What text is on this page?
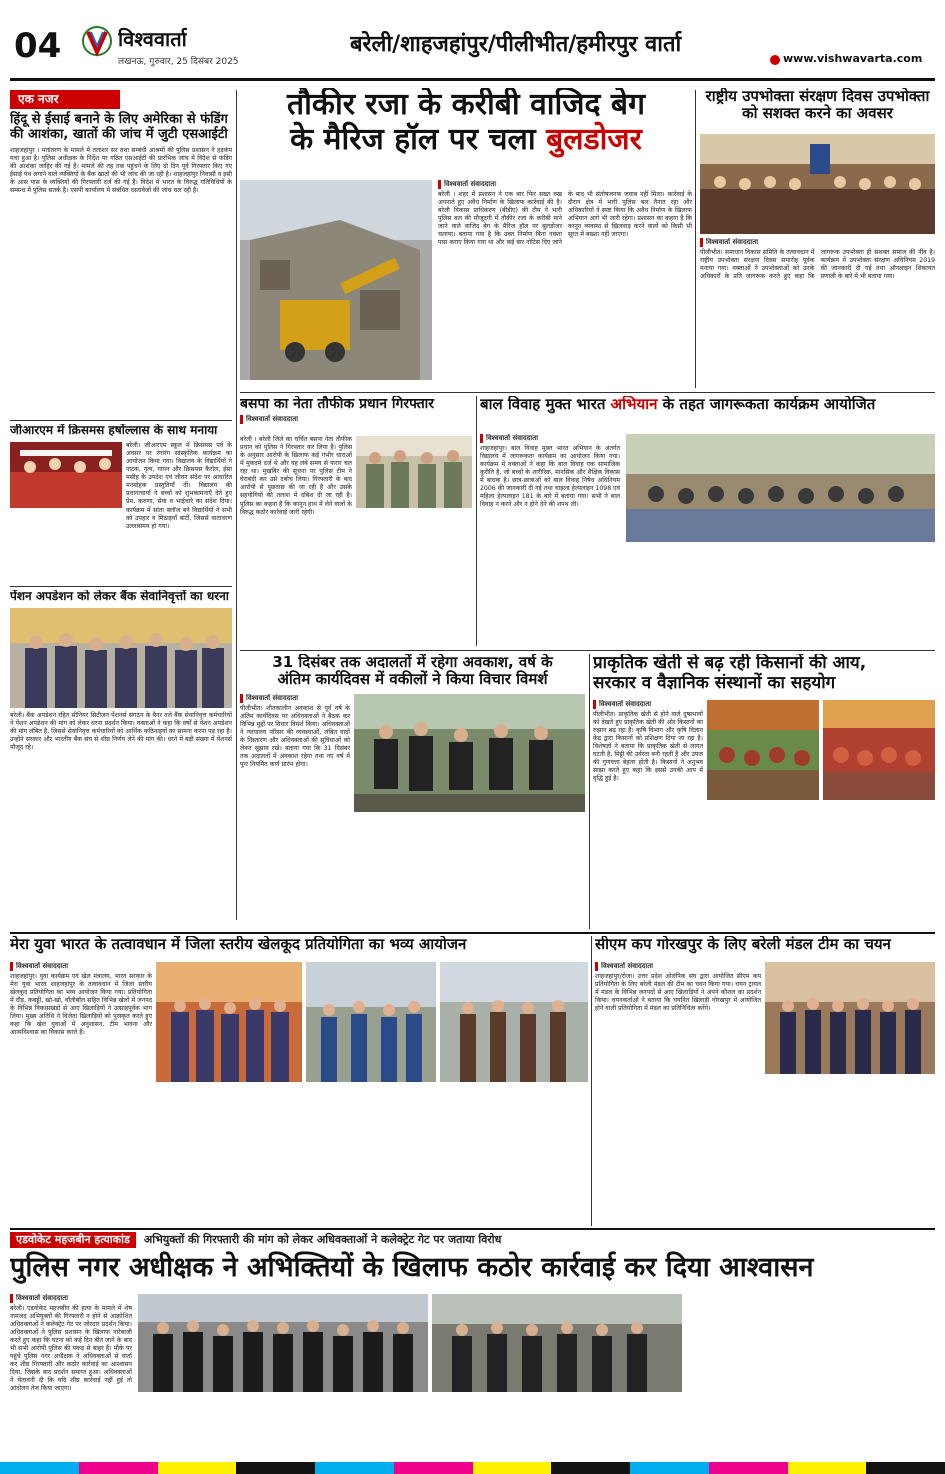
04	विश्ववार्ता
लखनऊ, गुरुवार, 25 दिसंबर 2025
बरेली/शाहजहांपुर/पीलीभीत/हमीरपुर वार्ता
www.vishwavarta.com
एक नजर
हिंदू से ईसाई बनाने के लिए अमेरिका से फंडिंग की आशंका, खातों की जांच में जुटी एसआईटी
शाहजहांपुर । मतांतरण के मामले में तलाशर सर तथा सम्बंधी आश्रमों की पुलिस प्रशासन ने हड़कंप मचा हुआ है। पुलिस अधीक्षक के निर्देश पर गठित एसआईटी की प्रारंभिक जांच में विदेश से फंडिंग की आशंका जाहिर की गई है। मामले की तह तक पहुंचने के लिए दो दिन पूर्व गिरफ्तार किए गए ईसाई पंथ लगाने वाले व्यक्तियों के बैंक खातों की भी जांच की जा रही है। शाहजहांपुर निवासी व इसी के आस पास के व्यक्तियों की गिरफ्तारी दर्ज की गई है। विदेश में भारत के विरुद्ध गतिविधियों के सम्बन्ध में पुलिस सतर्क है। एसपी कार्यालय में संबंधित दस्तावेजों की जांच चल रही है।
जीआरएम में क्रिसमस हर्षोल्लास के साथ मनाया
बरेली। जीआरएम स्कूल में क्रिसमस पर्व के अवसर पर रंगारंग सांस्कृतिक कार्यक्रम का आयोजन किया गया। विद्यालय के विद्यार्थियों ने नाटक, नृत्य, गायन और क्रिसमस कैरोल, ईसा मसीह के उपदेश एवं जीवन संदेश पर आधारित मनमोहक प्रस्तुतियाँ दीं। विद्यालय की प्रधानाचार्या ने बच्चों को शुभकामनाएँ देते हुए प्रेम, करुणा, सेवा व भाईचारे का संदेश दिया। कार्यक्रम में सांता क्लॉज बने विद्यार्थियों ने सभी को उपहार व मिठाइयाँ बांटीं, जिससे वातावरण उल्लासमय हो गया।
पेंशन अपडेशन को लेकर बैंक सेवानिवृत्तों का धरना
बरेली। बैंक अपडेशन रहित सीनियर सिटीजन पेंशनर्स संगठन के बैनर तले बैंक सेवानिवृत्त कर्मचारियों ने पेंशन अपडेशन की मांग को लेकर धरना प्रदर्शन किया। वक्ताओं ने कहा कि वर्षों से पेंशन अपडेशन की मांग लंबित है, जिससे सेवानिवृत्त कर्मचारियों को आर्थिक कठिनाइयों का सामना करना पड़ रहा है। उन्होंने सरकार और भारतीय बैंक संघ से शीघ्र निर्णय लेने की मांग की। धरने में बड़ी संख्या में पेंशनर्स मौजूद रहे।
तौकीर रजा के करीबी वाजिद बेग
के मैरिज हॉल पर चला बुलडोजर
विश्ववार्ता संवाददाता
बरेली । शहर में प्रशासन ने एक बार फिर सख्त रुख अपनाते हुए अवैध निर्माण के खिलाफ कार्रवाई की है। बरेली विकास प्राधिकरण (बीडीए) की टीम ने भारी पुलिस बल की मौजूदगी में तौकीर रजा के करीबी माने जाने वाले वाजिद बेग के मैरिज हॉल पर बुलडोजर चलाया। बताया गया है कि उक्त निर्माण बिना नक्शा पास कराए किया गया था और कई बार नोटिस दिए जाने के बाद भी संतोषजनक जवाब नहीं मिला। कार्रवाई के दौरान क्षेत्र में भारी पुलिस बल तैनात रहा और अधिकारियों ने स्पष्ट किया कि अवैध निर्माण के खिलाफ अभियान आगे भी जारी रहेगा। प्रशासन का कहना है कि कानून व्यवस्था से खिलवाड़ करने वालों को किसी भी सूरत में बख्शा नहीं जाएगा।
राष्ट्रीय उपभोक्ता संरक्षण दिवस उपभोक्ता को सशक्त करने का अवसर
विश्ववार्ता संवाददाता
पीलीभीत। समाधान विकास समिति के तत्वावधान में राष्ट्रीय उपभोक्ता संरक्षण दिवस समारोह पूर्वक मनाया गया। वक्ताओं ने उपभोक्ताओं को उनके अधिकारों के प्रति जागरूक करते हुए कहा कि जागरूक उपभोक्ता ही सशक्त समाज की नींव है। कार्यक्रम में उपभोक्ता संरक्षण अधिनियम 2019 की जानकारी दी गई तथा ऑनलाइन शिकायत प्रणाली के बारे में भी बताया गया।
बसपा का नेता तौफीक प्रधान गिरफ्तार
विश्ववार्ता संवाददाता
बरेली । बरेली जिले का चर्चित बसपा नेता तौफीक प्रधान को पुलिस ने गिरफ्तार कर लिया है। पुलिस के अनुसार आरोपी के खिलाफ कई गंभीर धाराओं में मुकदमे दर्ज थे और वह लंबे समय से फरार चल रहा था। मुखबिर की सूचना पर पुलिस टीम ने घेराबंदी कर उसे दबोच लिया। गिरफ्तारी के बाद आरोपी से पूछताछ की जा रही है और उसके सहयोगियों की तलाश में दबिश दी जा रही है। पुलिस का कहना है कि कानून हाथ में लेने वालों के विरुद्ध कठोर कार्रवाई जारी रहेगी।
बाल विवाह मुक्त भारत अभियान के तहत जागरूकता कार्यक्रम आयोजित
विश्ववार्ता संवाददाता
शाहजहांपुर। बाल विवाह मुक्त भारत अभियान के अंतर्गत विद्यालय में जागरूकता कार्यक्रम का आयोजन किया गया। कार्यक्रम में वक्ताओं ने कहा कि बाल विवाह एक सामाजिक कुरीति है, जो बच्चों के शारीरिक, मानसिक और शैक्षिक विकास में बाधक है। छात्र-छात्राओं को बाल विवाह निषेध अधिनियम 2006 की जानकारी दी गई तथा चाइल्ड हेल्पलाइन 1098 एवं महिला हेल्पलाइन 181 के बारे में बताया गया। सभी ने बाल विवाह न करने और न होने देने की शपथ ली।
31 दिसंबर तक अदालतों में रहेगा अवकाश, वर्ष के
अंतिम कार्यदिवस में वकीलों ने किया विचार विमर्श
विश्ववार्ता संवाददाता
पीलीभीत। शीतकालीन अवकाश से पूर्व वर्ष के अंतिम कार्यदिवस पर अधिवक्ताओं ने बैठक कर विभिन्न मुद्दों पर विचार विमर्श किया। अधिवक्ताओं ने न्यायालय परिसर की व्यवस्थाओं, लंबित वादों के निस्तारण और अधिवक्ताओं की सुविधाओं को लेकर सुझाव रखे। बताया गया कि 31 दिसंबर तक अदालतों में अवकाश रहेगा तथा नए वर्ष में पुनः नियमित कार्य प्रारंभ होगा।
प्राकृतिक खेती से बढ़ रही किसानों की आय,
सरकार व वैज्ञानिक संस्थानों का सहयोग
विश्ववार्ता संवाददाता
पीलीभीत। प्राकृतिक खेती से होने वाले दुष्प्रभावों को देखते हुए प्राकृतिक खेती की ओर किसानों का रुझान बढ़ रहा है। कृषि विभाग और कृषि विज्ञान केंद्र द्वारा किसानों को प्रशिक्षण दिया जा रहा है। विशेषज्ञों ने बताया कि प्राकृतिक खेती से लागत घटती है, मिट्टी की उर्वरता बनी रहती है और उपज की गुणवत्ता बेहतर होती है। किसानों ने अनुभव साझा करते हुए कहा कि इससे उनकी आय में वृद्धि हुई है।
मेरा युवा भारत के तत्वावधान में जिला स्तरीय खेलकूद प्रतियोगिता का भव्य आयोजन
विश्ववार्ता संवाददाता
शाहजहांपुर। युवा कार्यक्रम एवं खेल मंत्रालय, भारत सरकार के मेरा युवा भारत शाहजहांपुर के तत्वावधान में जिला स्तरीय खेलकूद प्रतियोगिता का भव्य आयोजन किया गया। प्रतियोगिता में दौड़, कबड्डी, खो-खो, वॉलीबॉल सहित विभिन्न खेलों में जनपद के विभिन्न विकासखंडों से आए खिलाड़ियों ने उत्साहपूर्वक भाग लिया। मुख्य अतिथि ने विजेता खिलाड़ियों को पुरस्कृत करते हुए कहा कि खेल युवाओं में अनुशासन, टीम भावना और आत्मविश्वास का विकास करते हैं।
सीएम कप गोरखपुर के लिए बरेली मंडल टीम का चयन
विश्ववार्ता संवाददाता
शाहजहांपुर/रोजा। उत्तर प्रदेश ओलंपिक संघ द्वारा आयोजित सीएम कप प्रतियोगिता के लिए बरेली मंडल की टीम का चयन किया गया। चयन ट्रायल में मंडल के विभिन्न जनपदों से आए खिलाड़ियों ने अपने कौशल का प्रदर्शन किया। चयनकर्ताओं ने बताया कि चयनित खिलाड़ी गोरखपुर में आयोजित होने वाली प्रतियोगिता में मंडल का प्रतिनिधित्व करेंगे।
एडवोकेट महजबीन हत्याकांड	अभियुक्तों की गिरफ्तारी की मांग को लेकर अधिवक्ताओं ने कलेक्ट्रेट गेट पर जताया विरोध
पुलिस नगर अधीक्षक ने अभिक्तियों के खिलाफ कठोर कार्रवाई कर दिया आश्वासन
विश्ववार्ता संवाददाता
बरेली। एडवोकेट महजबीन की हत्या के मामले में शेष नामजद अभियुक्तों की गिरफ्तारी न होने से आक्रोशित अधिवक्ताओं ने कलेक्ट्रेट गेट पर जोरदार प्रदर्शन किया। अधिवक्ताओं ने पुलिस प्रशासन के खिलाफ नारेबाजी करते हुए कहा कि घटना को कई दिन बीत जाने के बाद भी सभी आरोपी पुलिस की पकड़ से बाहर हैं। मौके पर पहुंचे पुलिस नगर अधीक्षक ने अधिवक्ताओं से वार्ता कर शीघ्र गिरफ्तारी और कठोर कार्रवाई का आश्वासन दिया, जिसके बाद प्रदर्शन समाप्त हुआ। अधिवक्ताओं ने चेतावनी दी कि यदि शीघ्र कार्रवाई नहीं हुई तो आंदोलन तेज किया जाएगा।
